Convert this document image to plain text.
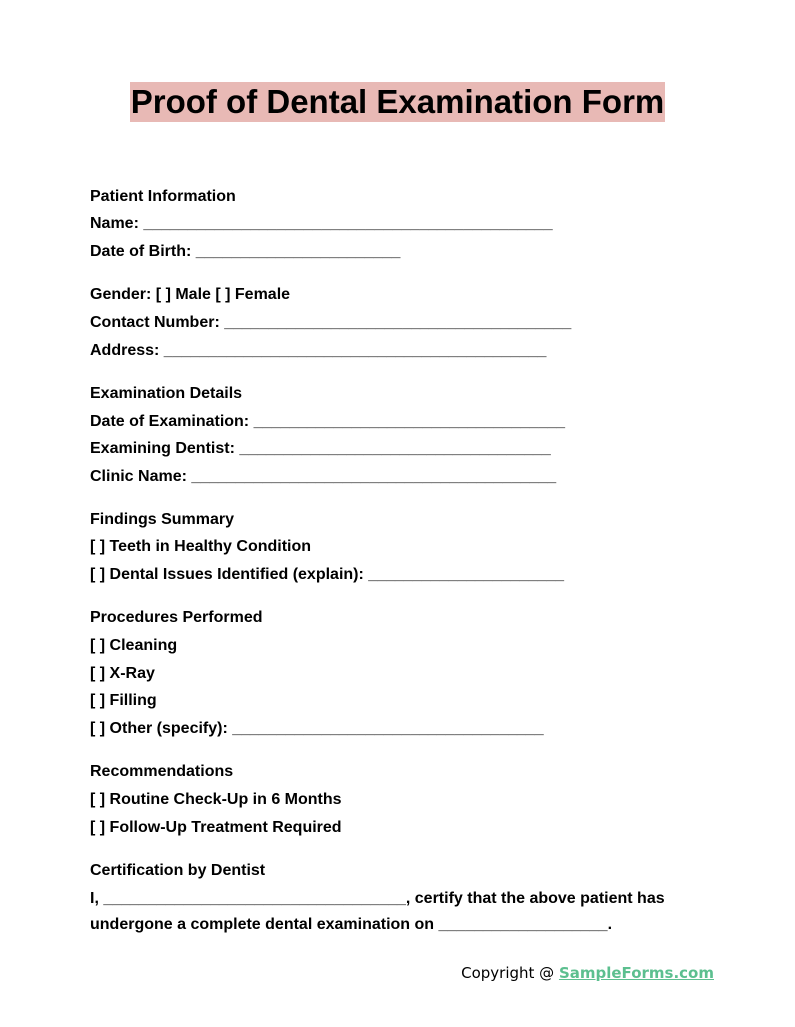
Proof of Dental Examination Form
Patient Information
Name: ______________________________________________
Date of Birth: _______________________
Gender: [ ] Male [ ] Female
Contact Number: _______________________________________
Address: ___________________________________________
Examination Details
Date of Examination: ___________________________________
Examining Dentist: ___________________________________
Clinic Name: _________________________________________
Findings Summary
[ ] Teeth in Healthy Condition
[ ] Dental Issues Identified (explain): ______________________
Procedures Performed
[ ] Cleaning
[ ] X-Ray
[ ] Filling
[ ] Other (specify): ___________________________________
Recommendations
[ ] Routine Check-Up in 6 Months
[ ] Follow-Up Treatment Required
Certification by Dentist
I, __________________________________, certify that the above patient has
undergone a complete dental examination on ___________________.
Copyright @ SampleForms.com
